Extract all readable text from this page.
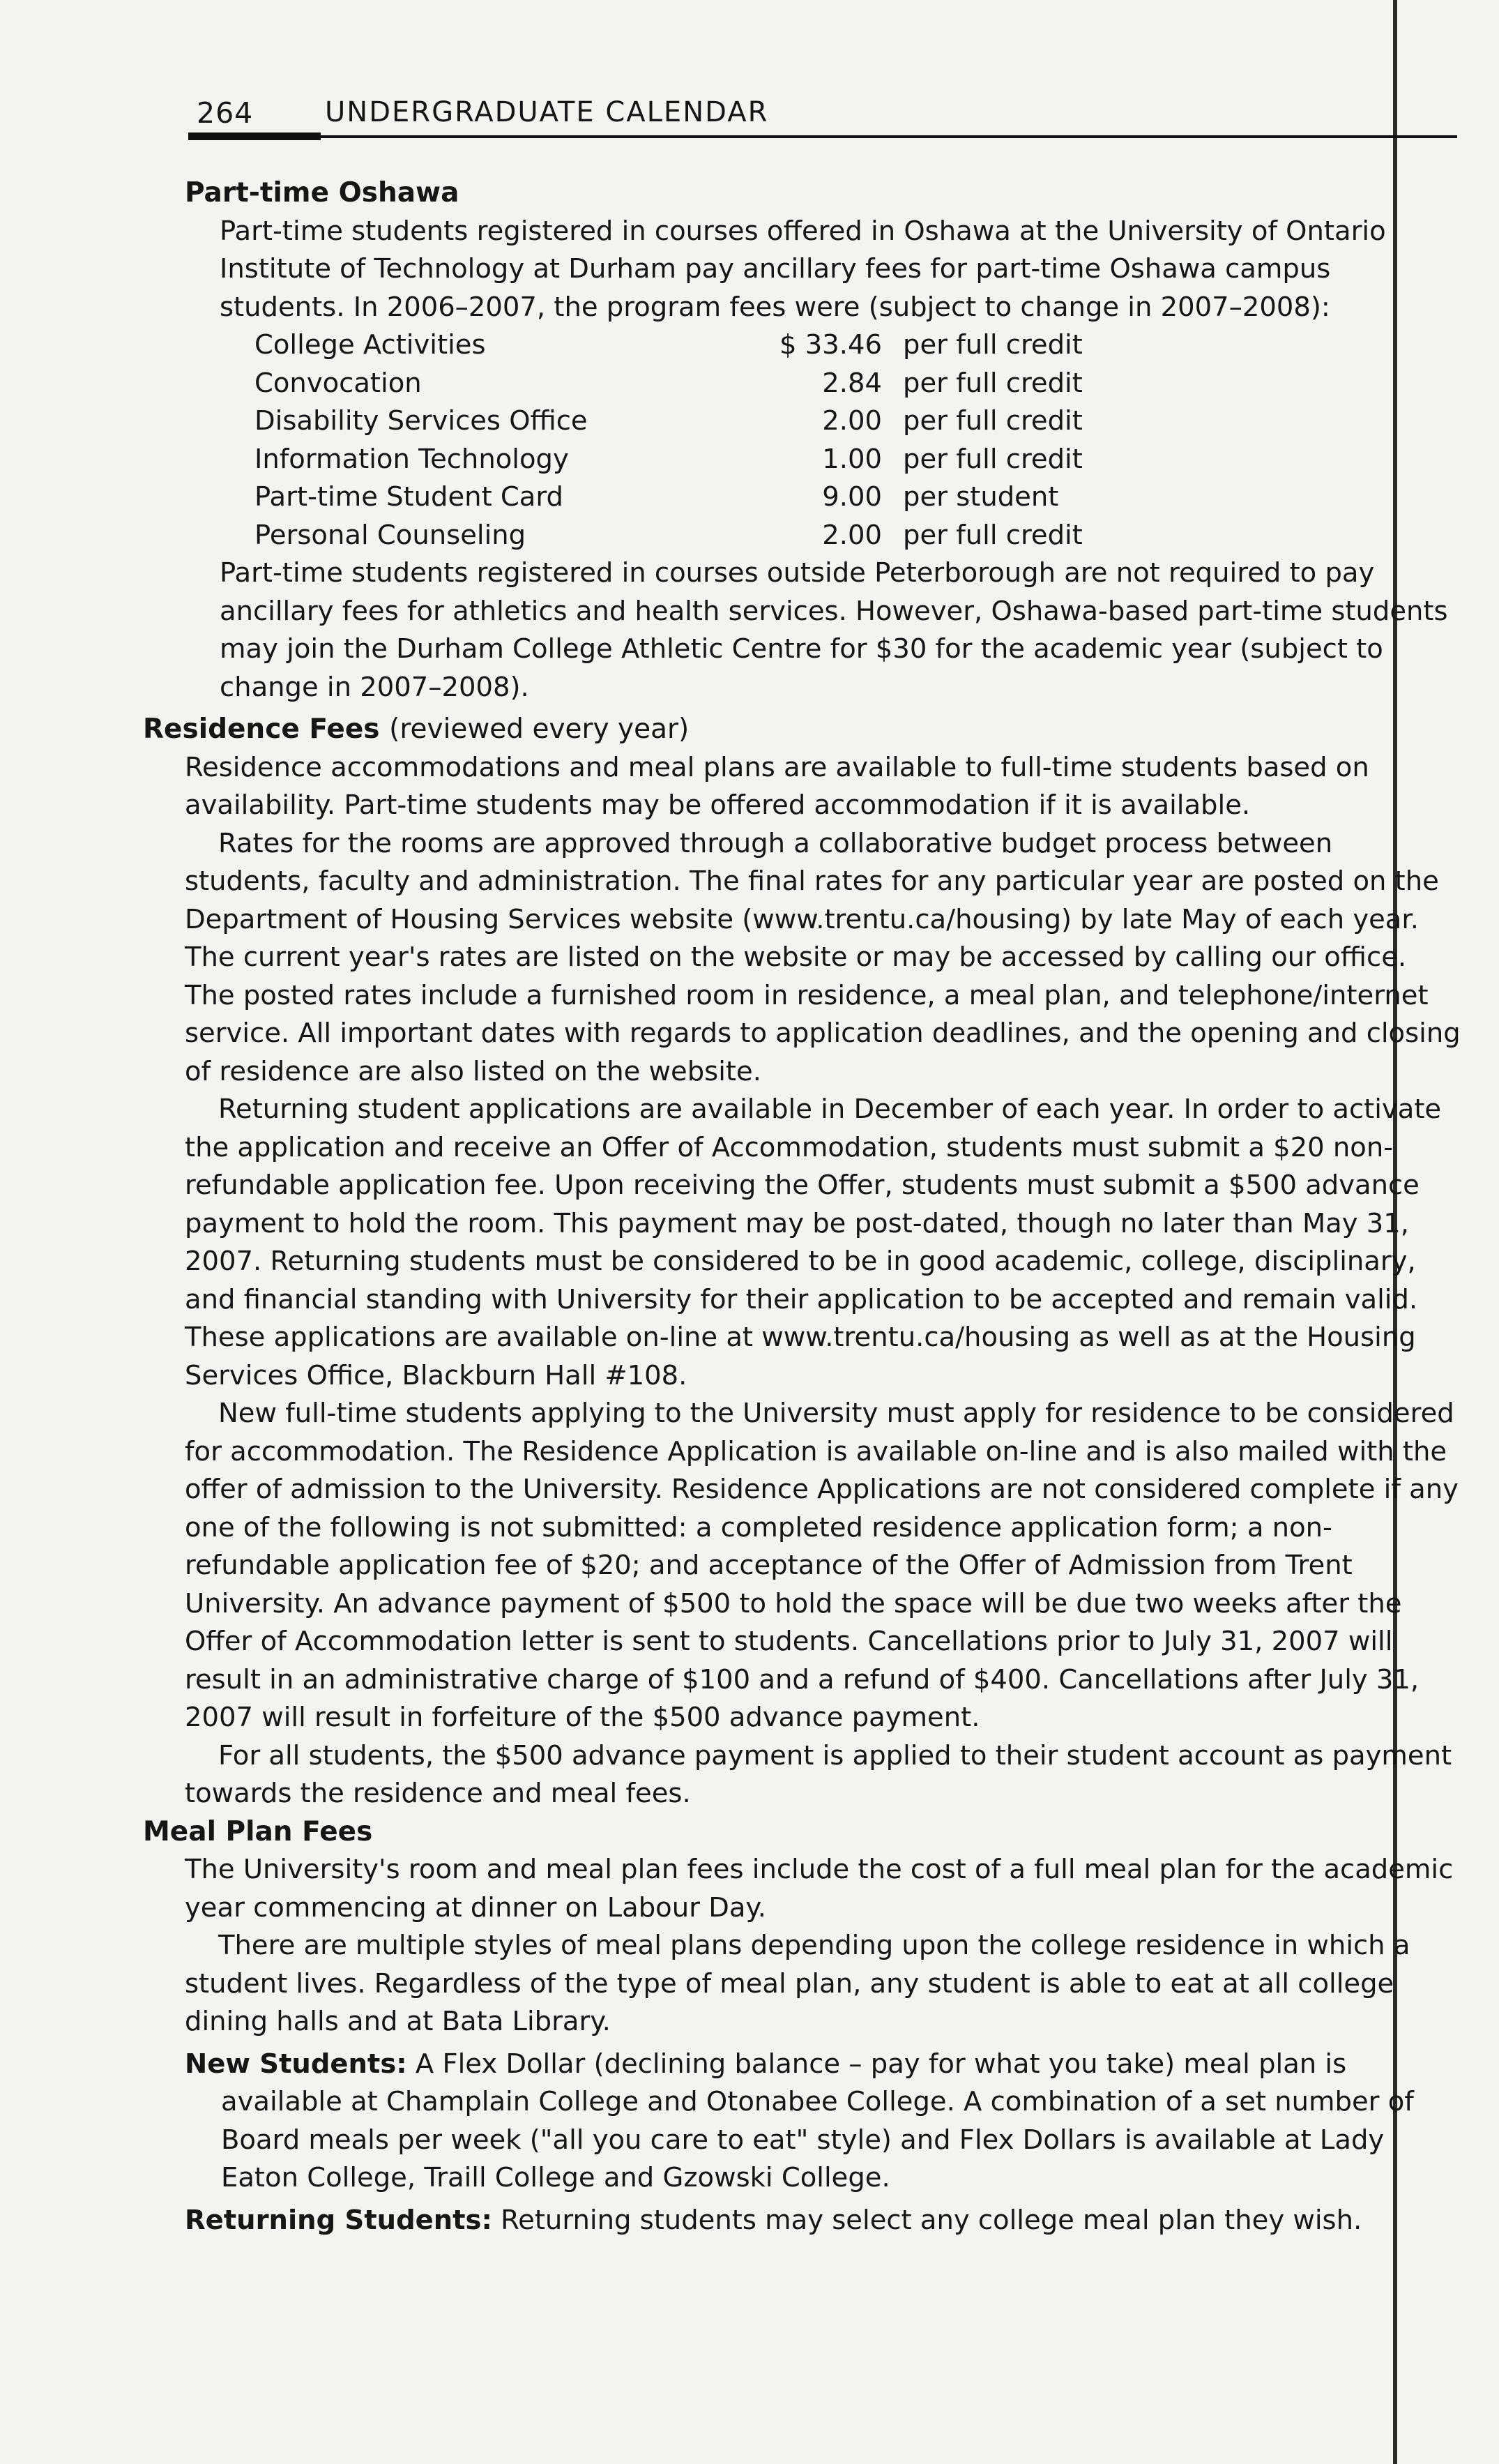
264	UNDERGRADUATE CALENDAR
Part-time Oshawa

Part-time students registered in courses offered in Oshawa at the University of Ontario Institute of Technology at Durham pay ancillary fees for part-time Oshawa campus students. In 2006–2007, the program fees were (subject to change in 2007–2008):

College Activities	$ 33.46	per full credit
Convocation	2.84	per full credit
Disability Services Office	2.00	per full credit
Information Technology	1.00	per full credit
Part-time Student Card	9.00	per student
Personal Counseling	2.00	per full credit

Part-time students registered in courses outside Peterborough are not required to pay ancillary fees for athletics and health services. However, Oshawa-based part-time students may join the Durham College Athletic Centre for $30 for the academic year (subject to change in 2007–2008).

Residence Fees (reviewed every year)

Residence accommodations and meal plans are available to full-time students based on availability. Part-time students may be offered accommodation if it is available.

Rates for the rooms are approved through a collaborative budget process between students, faculty and administration. The final rates for any particular year are posted on the Department of Housing Services website (www.trentu.ca/housing) by late May of each year. The current year's rates are listed on the website or may be accessed by calling our office. The posted rates include a furnished room in residence, a meal plan, and telephone/internet service. All important dates with regards to application deadlines, and the opening and closing of residence are also listed on the website.

Returning student applications are available in December of each year. In order to activate the application and receive an Offer of Accommodation, students must submit a $20 non-refundable application fee. Upon receiving the Offer, students must submit a $500 advance payment to hold the room. This payment may be post-dated, though no later than May 31, 2007. Returning students must be considered to be in good academic, college, disciplinary, and financial standing with University for their application to be accepted and remain valid. These applications are available on-line at www.trentu.ca/housing as well as at the Housing Services Office, Blackburn Hall #108.

New full-time students applying to the University must apply for residence to be considered for accommodation. The Residence Application is available on-line and is also mailed with the offer of admission to the University. Residence Applications are not considered complete if any one of the following is not submitted: a completed residence application form; a non-refundable application fee of $20; and acceptance of the Offer of Admission from Trent University. An advance payment of $500 to hold the space will be due two weeks after the Offer of Accommodation letter is sent to students. Cancellations prior to July 31, 2007 will result in an administrative charge of $100 and a refund of $400. Cancellations after July 31, 2007 will result in forfeiture of the $500 advance payment.

For all students, the $500 advance payment is applied to their student account as payment towards the residence and meal fees.

Meal Plan Fees

The University's room and meal plan fees include the cost of a full meal plan for the academic year commencing at dinner on Labour Day.

There are multiple styles of meal plans depending upon the college residence in which a student lives. Regardless of the type of meal plan, any student is able to eat at all college dining halls and at Bata Library.

New Students: A Flex Dollar (declining balance – pay for what you take) meal plan is available at Champlain College and Otonabee College. A combination of a set number of Board meals per week ("all you care to eat" style) and Flex Dollars is available at Lady Eaton College, Traill College and Gzowski College.

Returning Students: Returning students may select any college meal plan they wish.
